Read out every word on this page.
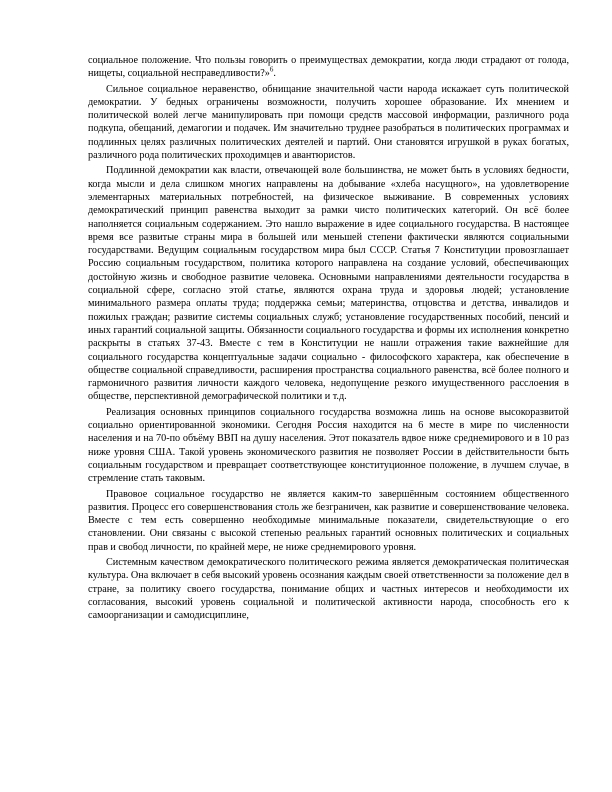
социальное положение. Что пользы говорить о преимуществах демократии, когда люди страдают от голода, нищеты, социальной несправедливости?»$^6$.

Сильное социальное неравенство, обнищание значительной части народа искажает суть политической демократии. У бедных ограничены возможности, получить хорошее образование. Их мнением и политической волей легче манипулировать при помощи средств массовой информации, различного рода подкупа, обещаний, демагогии и подачек. Им значительно труднее разобраться в политических программах и подлинных целях различных политических деятелей и партий. Они становятся игрушкой в руках богатых, различного рода политических проходимцев и авантюристов.

Подлинной демократии как власти, отвечающей воле большинства, не может быть в условиях бедности, когда мысли и дела слишком многих направлены на добывание «хлеба насущного», на удовлетворение элементарных материальных потребностей, на физическое выживание. В современных условиях демократический принцип равенства выходит за рамки чисто политических категорий. Он всё более наполняется социальным содержанием. Это нашло выражение в идее социального государства. В настоящее время все развитые страны мира в большей или меньшей степени фактически являются социальными государствами. Ведущим социальным государством мира был СССР. Статья 7 Конституции провозглашает Россию социальным государством, политика которого направлена на создание условий, обеспечивающих достойную жизнь и свободное развитие человека. Основными направлениями деятельности государства в социальной сфере, согласно этой статье, являются охрана труда и здоровья людей; установление минимального размера оплаты труда; поддержка семьи; материнства, отцовства и детства, инвалидов и пожилых граждан; развитие системы социальных служб; установление государственных пособий, пенсий и иных гарантий социальной защиты. Обязанности социального государства и формы их исполнения конкретно раскрыты в статьях 37-43. Вместе с тем в Конституции не нашли отражения такие важнейшие для социального государства концептуальные задачи социально - философского характера, как обеспечение в обществе социальной справедливости, расширения пространства социального равенства, всё более полного и гармоничного развития личности каждого человека, недопущение резкого имущественного расслоения в обществе, перспективной демографической политики и т.д.

Реализация основных принципов социального государства возможна лишь на основе высокоразвитой социально ориентированной экономики. Сегодня Россия находится на 6 месте в мире по численности населения и на 70-по объёму ВВП на душу населения. Этот показатель вдвое ниже среднемирового и в 10 раз ниже уровня США. Такой уровень экономического развития не позволяет России в действительности быть социальным государством и превращает соответствующее конституционное положение, в лучшем случае, в стремление стать таковым.

Правовое социальное государство не является каким-то завершённым состоянием общественного развития. Процесс его совершенствования столь же безграничен, как развитие и совершенствование человека. Вместе с тем есть совершенно необходимые минимальные показатели, свидетельствующие о его становлении. Они связаны с высокой степенью реальных гарантий основных политических и социальных прав и свобод личности, по крайней мере, не ниже среднемирового уровня.

Системным качеством демократического политического режима является демократическая политическая культура. Она включает в себя высокий уровень осознания каждым своей ответственности за положение дел в стране, за политику своего государства, понимание общих и частных интересов и необходимости их согласования, высокий уровень социальной и политической активности народа, способность его к самоорганизации и самодисциплине,
